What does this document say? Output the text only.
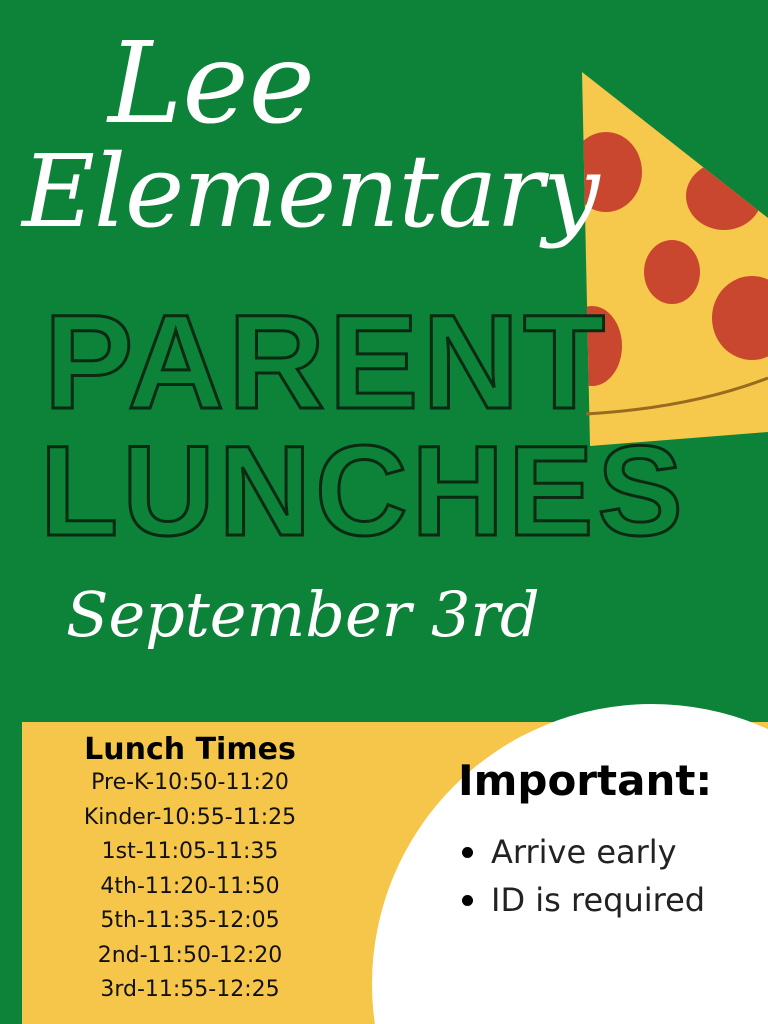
Lee
Elementary
PARENT
LUNCHES
September 3rd
Lunch Times
Pre-K-10:50-11:20
Kinder-10:55-11:25
1st-11:05-11:35
4th-11:20-11:50
5th-11:35-12:05
2nd-11:50-12:20
3rd-11:55-12:25
Important:
Arrive early
ID is required
